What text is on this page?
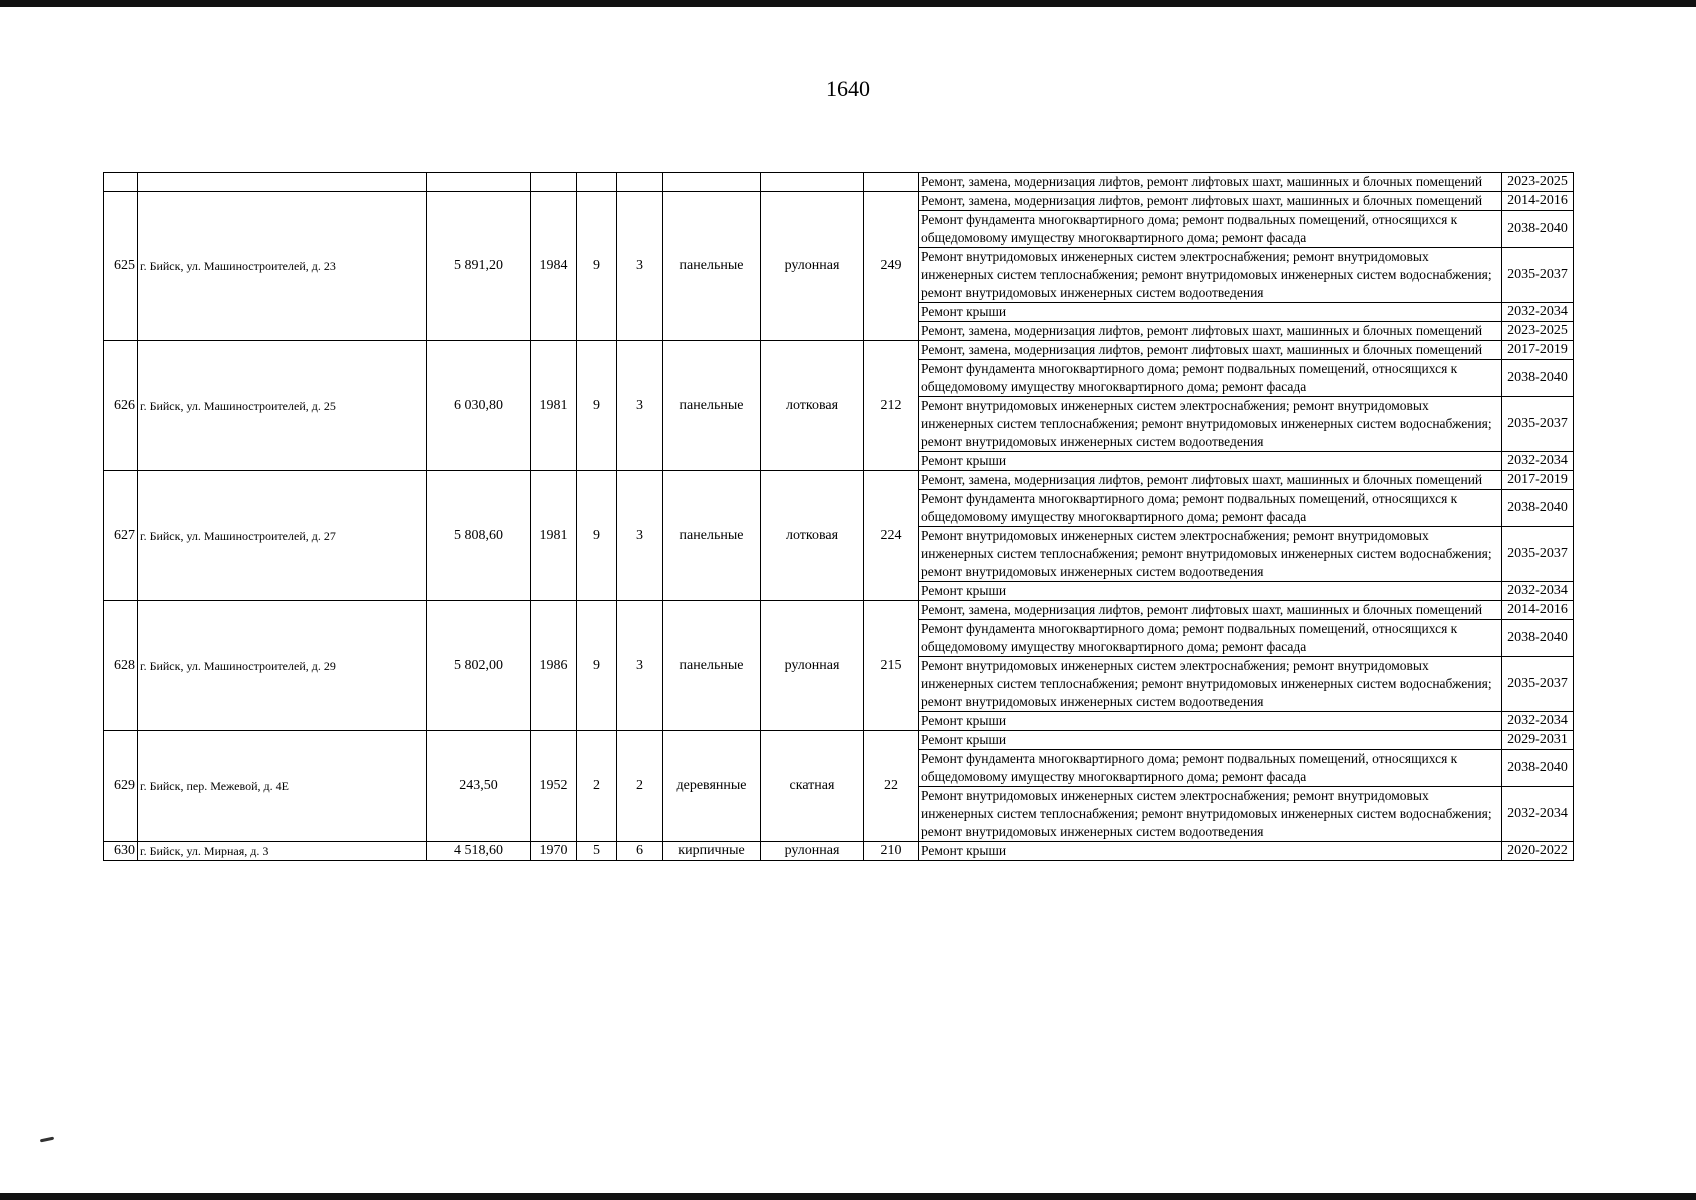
1640
									Ремонт, замена, модернизация лифтов, ремонт лифтовых шахт, машинных и блочных помещений	2023-2025
625	г. Бийск, ул. Машиностроителей, д. 23	5 891,20	1984	9	3	панельные	рулонная	249	Ремонт, замена, модернизация лифтов, ремонт лифтовых шахт, машинных и блочных помещений	2014-2016
									Ремонт фундамента многоквартирного дома; ремонт подвальных помещений, относящихся к общедомовому имуществу многоквартирного дома; ремонт фасада	2038-2040
									Ремонт внутридомовых инженерных систем электроснабжения; ремонт внутридомовых инженерных систем теплоснабжения; ремонт внутридомовых инженерных систем водоснабжения; ремонт внутридомовых инженерных систем водоотведения	2035-2037
									Ремонт крыши	2032-2034
									Ремонт, замена, модернизация лифтов, ремонт лифтовых шахт, машинных и блочных помещений	2023-2025
626	г. Бийск, ул. Машиностроителей, д. 25	6 030,80	1981	9	3	панельные	лотковая	212	Ремонт, замена, модернизация лифтов, ремонт лифтовых шахт, машинных и блочных помещений	2017-2019
									Ремонт фундамента многоквартирного дома; ремонт подвальных помещений, относящихся к общедомовому имуществу многоквартирного дома; ремонт фасада	2038-2040
									Ремонт внутридомовых инженерных систем электроснабжения; ремонт внутридомовых инженерных систем теплоснабжения; ремонт внутридомовых инженерных систем водоснабжения; ремонт внутридомовых инженерных систем водоотведения	2035-2037
									Ремонт крыши	2032-2034
627	г. Бийск, ул. Машиностроителей, д. 27	5 808,60	1981	9	3	панельные	лотковая	224	Ремонт, замена, модернизация лифтов, ремонт лифтовых шахт, машинных и блочных помещений	2017-2019
									Ремонт фундамента многоквартирного дома; ремонт подвальных помещений, относящихся к общедомовому имуществу многоквартирного дома; ремонт фасада	2038-2040
									Ремонт внутридомовых инженерных систем электроснабжения; ремонт внутридомовых инженерных систем теплоснабжения; ремонт внутридомовых инженерных систем водоснабжения; ремонт внутридомовых инженерных систем водоотведения	2035-2037
									Ремонт крыши	2032-2034
628	г. Бийск, ул. Машиностроителей, д. 29	5 802,00	1986	9	3	панельные	рулонная	215	Ремонт, замена, модернизация лифтов, ремонт лифтовых шахт, машинных и блочных помещений	2014-2016
									Ремонт фундамента многоквартирного дома; ремонт подвальных помещений, относящихся к общедомовому имуществу многоквартирного дома; ремонт фасада	2038-2040
									Ремонт внутридомовых инженерных систем электроснабжения; ремонт внутридомовых инженерных систем теплоснабжения; ремонт внутридомовых инженерных систем водоснабжения; ремонт внутридомовых инженерных систем водоотведения	2035-2037
									Ремонт крыши	2032-2034
629	г. Бийск, пер. Межевой, д. 4Е	243,50	1952	2	2	деревянные	скатная	22	Ремонт крыши	2029-2031
									Ремонт фундамента многоквартирного дома; ремонт подвальных помещений, относящихся к общедомовому имуществу многоквартирного дома; ремонт фасада	2038-2040
									Ремонт внутридомовых инженерных систем электроснабжения; ремонт внутридомовых инженерных систем теплоснабжения; ремонт внутридомовых инженерных систем водоснабжения; ремонт внутридомовых инженерных систем водоотведения	2032-2034
630	г. Бийск, ул. Мирная, д. 3	4 518,60	1970	5	6	кирпичные	рулонная	210	Ремонт крыши	2020-2022
